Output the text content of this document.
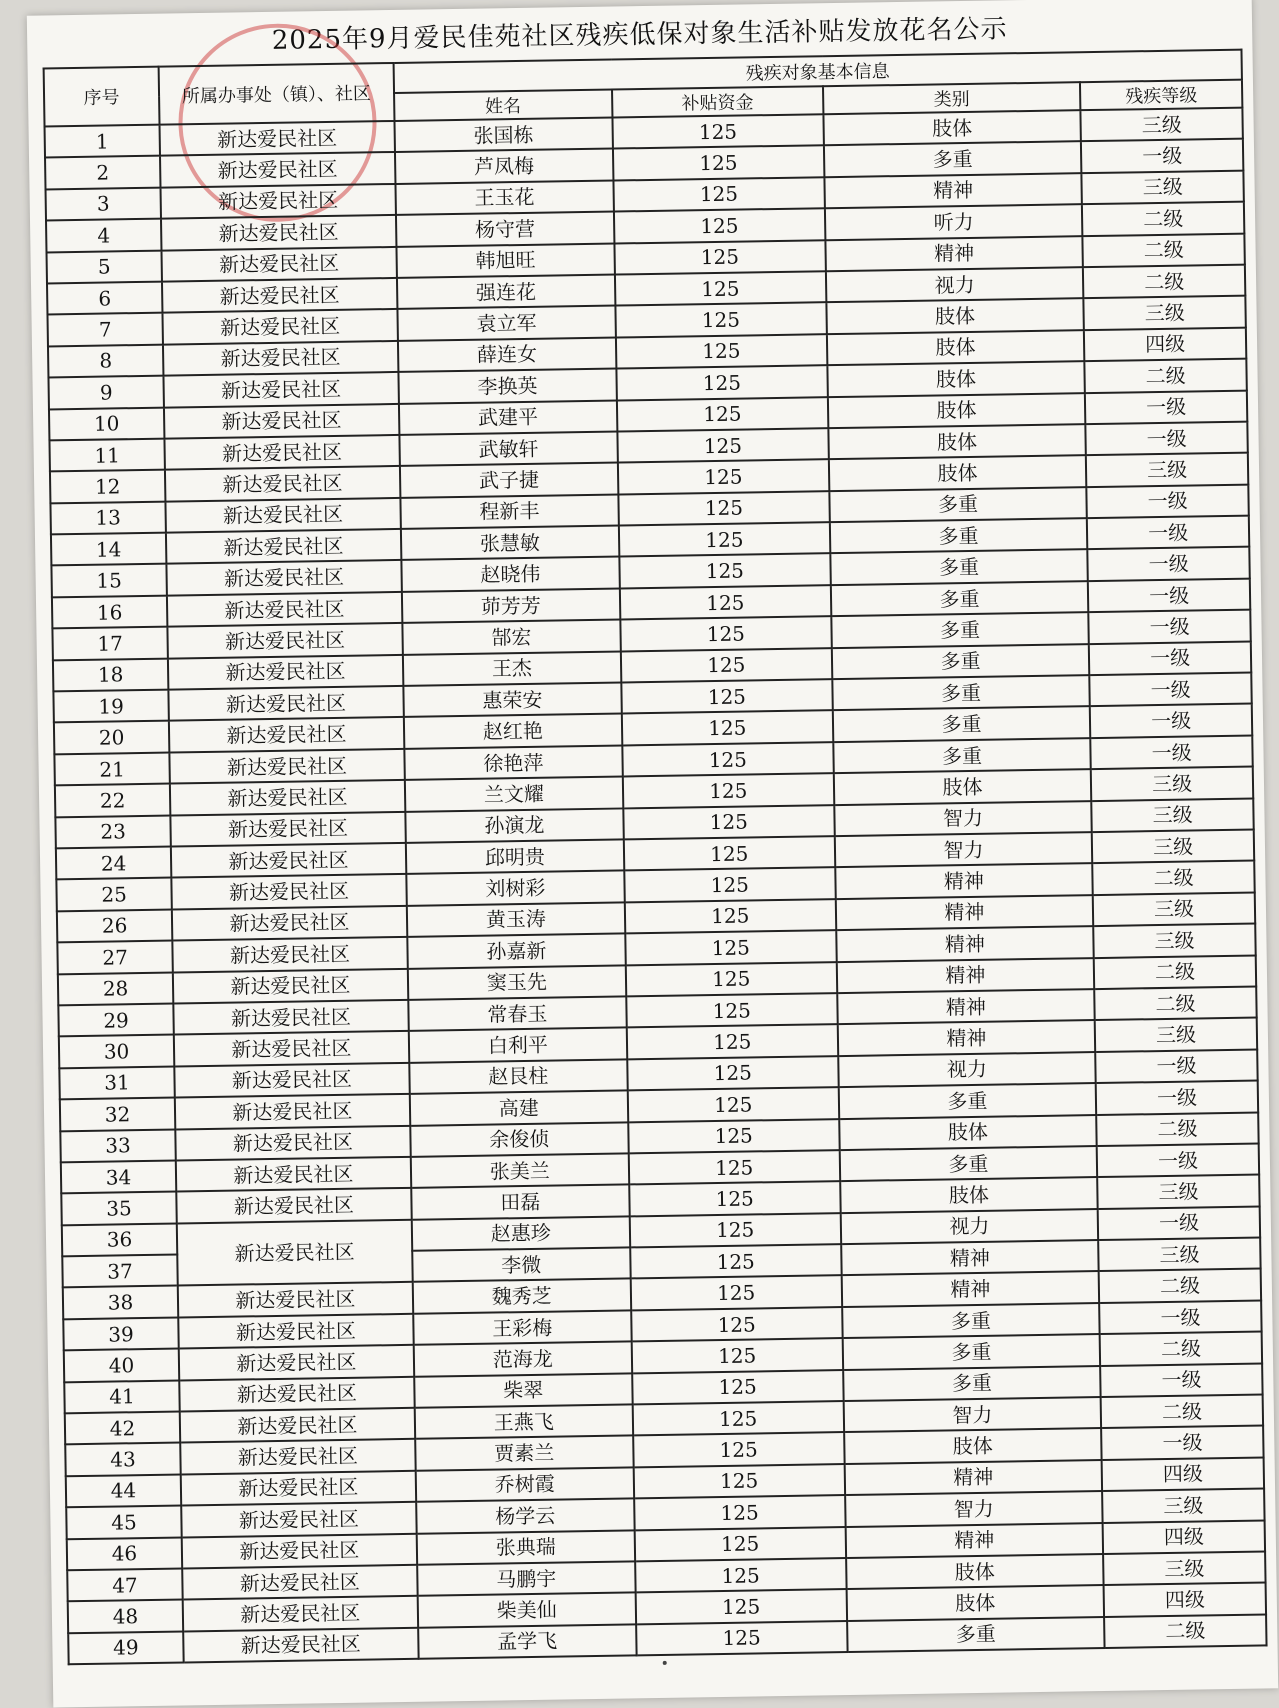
2025年9月爱民佳苑社区残疾低保对象生活补贴发放花名公示
序号	所属办事处（镇）、社区	残疾对象基本信息			
		姓名	补贴资金	类别	残疾等级
1	新达爱民社区	张国栋	125	肢体	三级
2	新达爱民社区	芦凤梅	125	多重	一级
3	新达爱民社区	王玉花	125	精神	三级
4	新达爱民社区	杨守营	125	听力	二级
5	新达爱民社区	韩旭旺	125	精神	二级
6	新达爱民社区	强连花	125	视力	二级
7	新达爱民社区	袁立军	125	肢体	三级
8	新达爱民社区	薛连女	125	肢体	四级
9	新达爱民社区	李换英	125	肢体	二级
10	新达爱民社区	武建平	125	肢体	一级
11	新达爱民社区	武敏轩	125	肢体	一级
12	新达爱民社区	武子捷	125	肢体	三级
13	新达爱民社区	程新丰	125	多重	一级
14	新达爱民社区	张慧敏	125	多重	一级
15	新达爱民社区	赵晓伟	125	多重	一级
16	新达爱民社区	茆芳芳	125	多重	一级
17	新达爱民社区	郜宏	125	多重	一级
18	新达爱民社区	王杰	125	多重	一级
19	新达爱民社区	惠荣安	125	多重	一级
20	新达爱民社区	赵红艳	125	多重	一级
21	新达爱民社区	徐艳萍	125	多重	一级
22	新达爱民社区	兰文耀	125	肢体	三级
23	新达爱民社区	孙演龙	125	智力	三级
24	新达爱民社区	邱明贵	125	智力	三级
25	新达爱民社区	刘树彩	125	精神	二级
26	新达爱民社区	黄玉涛	125	精神	三级
27	新达爱民社区	孙嘉新	125	精神	三级
28	新达爱民社区	窦玉先	125	精神	二级
29	新达爱民社区	常春玉	125	精神	二级
30	新达爱民社区	白利平	125	精神	三级
31	新达爱民社区	赵艮柱	125	视力	一级
32	新达爱民社区	高建	125	多重	一级
33	新达爱民社区	余俊侦	125	肢体	二级
34	新达爱民社区	张美兰	125	多重	一级
35	新达爱民社区	田磊	125	肢体	三级
36	新达爱民社区	赵惠珍	125	视力	一级
37		李微	125	精神	三级
38	新达爱民社区	魏秀芝	125	精神	二级
39	新达爱民社区	王彩梅	125	多重	一级
40	新达爱民社区	范海龙	125	多重	二级
41	新达爱民社区	柴翠	125	多重	一级
42	新达爱民社区	王燕飞	125	智力	二级
43	新达爱民社区	贾素兰	125	肢体	一级
44	新达爱民社区	乔树霞	125	精神	四级
45	新达爱民社区	杨学云	125	智力	三级
46	新达爱民社区	张典瑞	125	精神	四级
47	新达爱民社区	马鹏宇	125	肢体	三级
48	新达爱民社区	柴美仙	125	肢体	四级
49	新达爱民社区	孟学飞	125	多重	二级
